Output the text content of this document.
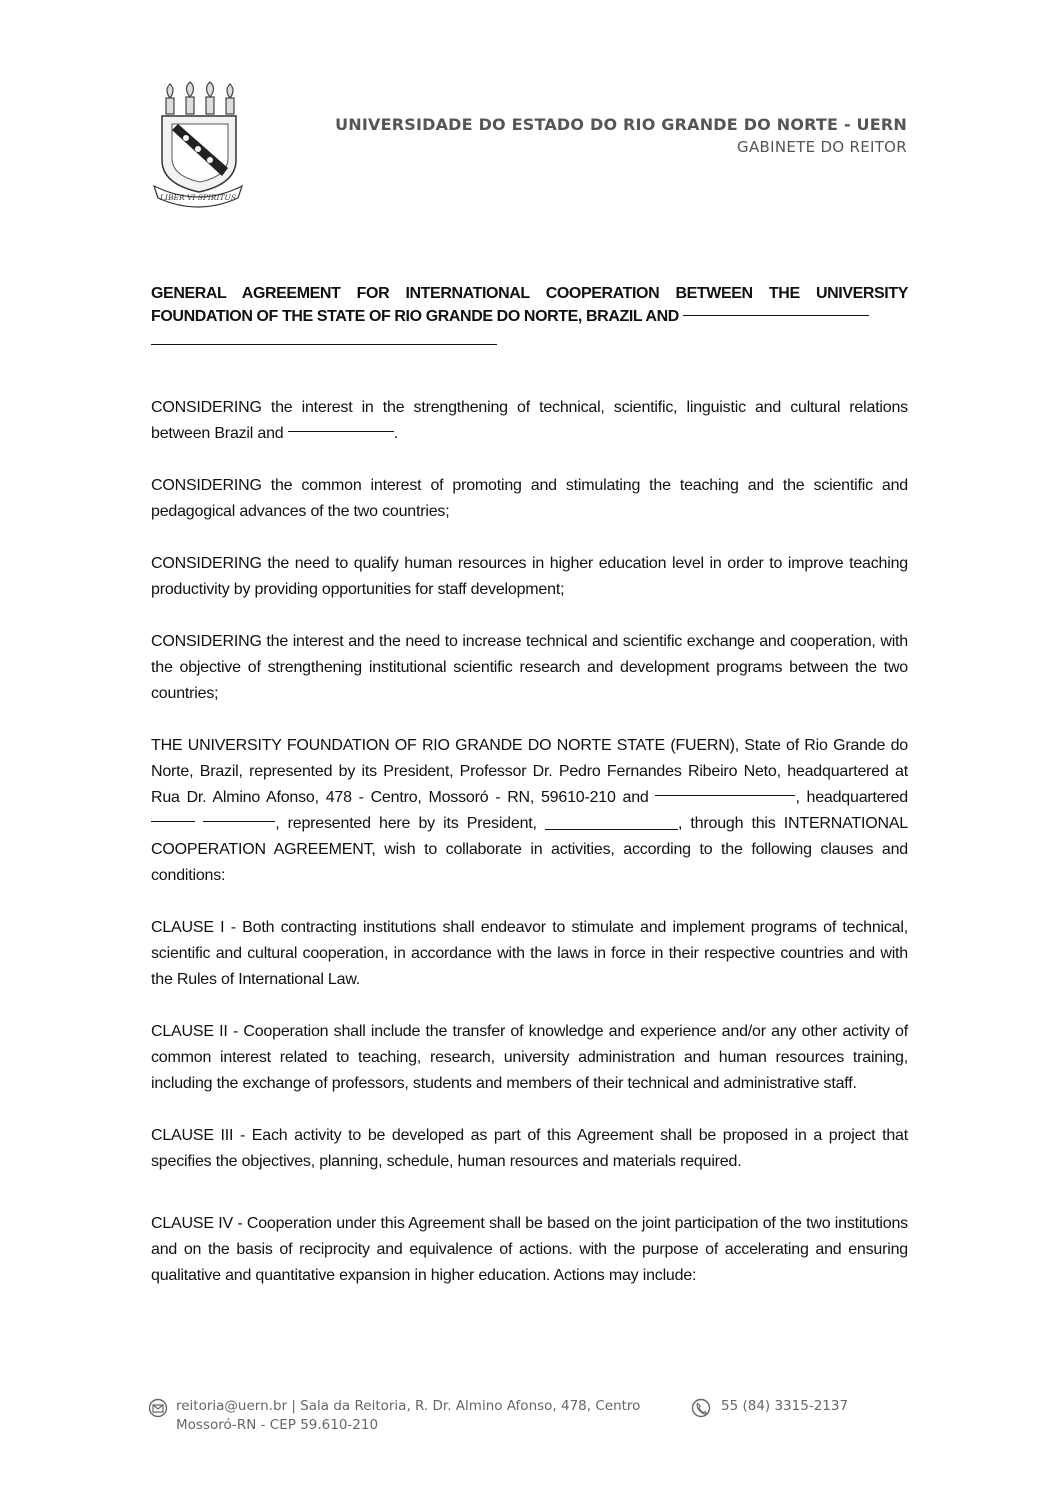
LIBER VI SPIRITUS
UNIVERSIDADE DO ESTADO DO RIO GRANDE DO NORTE - UERN
GABINETE DO REITOR
GENERAL AGREEMENT FOR INTERNATIONAL COOPERATION BETWEEN THE UNIVERSITY FOUNDATION OF THE STATE OF RIO GRANDE DO NORTE, BRAZIL AND

CONSIDERING the interest in the strengthening of technical, scientific, linguistic and cultural relations between Brazil and	.

CONSIDERING the common interest of promoting and stimulating the teaching and the scientific and pedagogical advances of the two countries;

CONSIDERING the need to qualify human resources in higher education level in order to improve teaching productivity by providing opportunities for staff development;

CONSIDERING the interest and the need to increase technical and scientific exchange and cooperation, with the objective of strengthening institutional scientific research and development programs between the two countries;

THE UNIVERSITY FOUNDATION OF RIO GRANDE DO NORTE STATE (FUERN), State of Rio Grande do Norte, Brazil, represented by its President, Professor Dr. Pedro Fernandes Ribeiro Neto, headquartered at Rua Dr. Almino Afonso, 478 - Centro, Mossoró - RN, 59610-210 and	, headquartered  , represented here by its President,	, through this INTERNATIONAL COOPERATION AGREEMENT, wish to collaborate in activities, according to the following clauses and conditions:

CLAUSE I - Both contracting institutions shall endeavor to stimulate and implement programs of technical, scientific and cultural cooperation, in accordance with the laws in force in their respective countries and with the Rules of International Law.

CLAUSE II - Cooperation shall include the transfer of knowledge and experience and/or any other activity of common interest related to teaching, research, university administration and human resources training, including the exchange of professors, students and members of their technical and administrative staff.

CLAUSE III - Each activity to be developed as part of this Agreement shall be proposed in a project that specifies the objectives, planning, schedule, human resources and materials required.

CLAUSE IV - Cooperation under this Agreement shall be based on the joint participation of the two institutions and on the basis of reciprocity and equivalence of actions. with the purpose of accelerating and ensuring qualitative and quantitative expansion in higher education. Actions may include:

reitoria@uern.br | Sala da Reitoria, R. Dr. Almino Afonso, 478, Centro
Mossoró-RN - CEP 59.610-210
55 (84) 3315-2137
